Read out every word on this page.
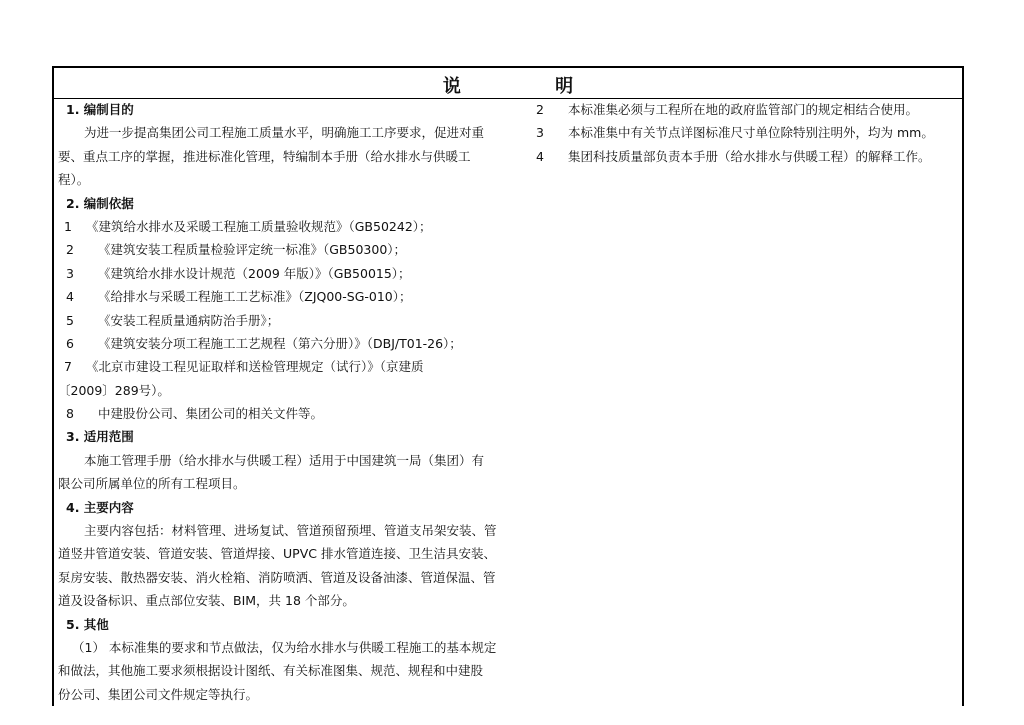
说 明
1. 编制目的
为进一步提高集团公司工程施工质量水平，明确施工工序要求，促进对重
要、重点工序的掌握，推进标准化管理，特编制本手册（给水排水与供暖工
程）。
2. 编制依据
1 《建筑给水排水及采暖工程施工质量验收规范》（GB50242）；
2 《建筑安装工程质量检验评定统一标准》（GB50300）；
3 《建筑给水排水设计规范（2009 年版）》（GB50015）；
4 《给排水与采暖工程施工工艺标准》（ZJQ00-SG-010）；
5 《安装工程质量通病防治手册》；
6 《建筑安装分项工程施工工艺规程（第六分册）》（DBJ/T01-26）；
7 《北京市建设工程见证取样和送检管理规定（试行）》（京建质
〔2009〕289号）。
8 中建股份公司、集团公司的相关文件等。
3. 适用范围
本施工管理手册（给水排水与供暖工程）适用于中国建筑一局（集团）有
限公司所属单位的所有工程项目。
4. 主要内容
主要内容包括：材料管理、进场复试、管道预留预埋、管道支吊架安装、管
道竖井管道安装、管道安装、管道焊接、UPVC 排水管道连接、卫生洁具安装、
泵房安装、散热器安装、消火栓箱、消防喷洒、管道及设备油漆、管道保温、管
道及设备标识、重点部位安装、BIM，共 18 个部分。
5. 其他
（1） 本标准集的要求和节点做法，仅为给水排水与供暖工程施工的基本规定
和做法，其他施工要求须根据设计图纸、有关标准图集、规范、规程和中建股
份公司、集团公司文件规定等执行。
2 本标准集必须与工程所在地的政府监管部门的规定相结合使用。
3 本标准集中有关节点详图标准尺寸单位除特别注明外，均为 mm。
4 集团科技质量部负责本手册（给水排水与供暖工程）的解释工作。
